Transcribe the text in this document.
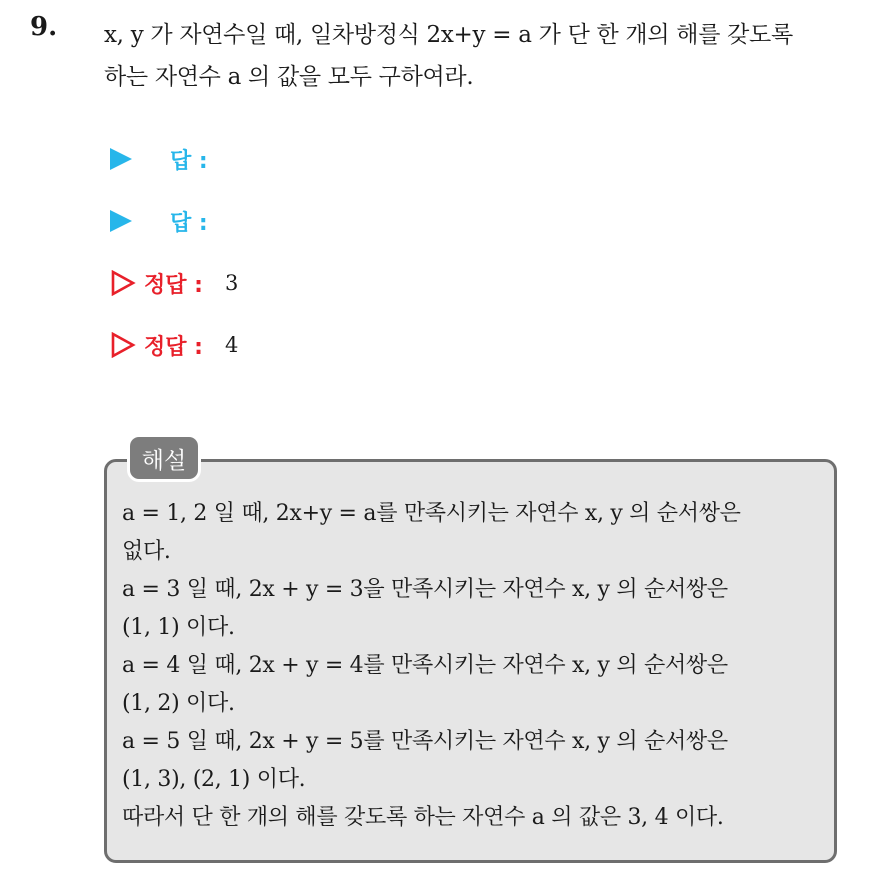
9. x, y 가 자연수일 때, 일차방정식 2x+y = a 가 단 한 개의 해를 갖도록
하는 자연수 a 의 값을 모두 구하여라.
답 :
답 :
정답 : 3
정답 : 4
해설
a = 1, 2 일 때, 2x+y = a를 만족시키는 자연수 x, y 의 순서쌍은
없다.
a = 3 일 때, 2x + y = 3을 만족시키는 자연수 x, y 의 순서쌍은
(1, 1) 이다.
a = 4 일 때, 2x + y = 4를 만족시키는 자연수 x, y 의 순서쌍은
(1, 2) 이다.
a = 5 일 때, 2x + y = 5를 만족시키는 자연수 x, y 의 순서쌍은
(1, 3), (2, 1) 이다.
따라서 단 한 개의 해를 갖도록 하는 자연수 a 의 값은 3, 4 이다.
